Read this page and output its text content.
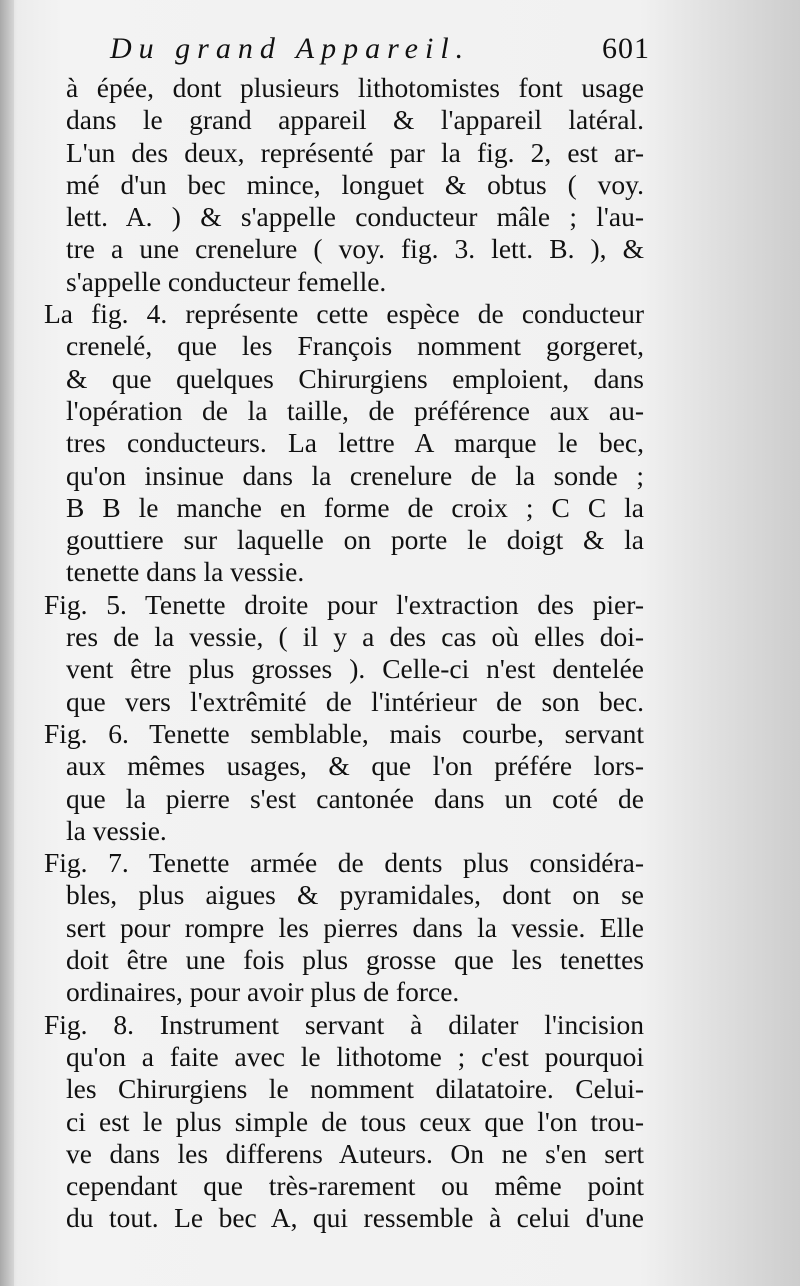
Du grand Appareil.	601
à épée, dont plusieurs lithotomistes font usage
dans le grand appareil & l'appareil latéral.
L'un des deux, représenté par la fig. 2, est ar-
mé d'un bec mince, longuet & obtus ( voy.
lett. A. ) & s'appelle conducteur mâle ; l'au-
tre a une crenelure ( voy. fig. 3. lett. B. ), &
s'appelle conducteur femelle.
La fig. 4. représente cette espèce de conducteur
crenelé, que les François nomment gorgeret,
& que quelques Chirurgiens emploient, dans
l'opération de la taille, de préférence aux au-
tres conducteurs. La lettre A marque le bec,
qu'on insinue dans la crenelure de la sonde ;
B B le manche en forme de croix ; C C la
gouttiere sur laquelle on porte le doigt & la
tenette dans la vessie.
Fig. 5. Tenette droite pour l'extraction des pier-
res de la vessie, ( il y a des cas où elles doi-
vent être plus grosses ). Celle-ci n'est dentelée
que vers l'extrêmité de l'intérieur de son bec.
Fig. 6. Tenette semblable, mais courbe, servant
aux mêmes usages, & que l'on préfére lors-
que la pierre s'est cantonée dans un coté de
la vessie.
Fig. 7. Tenette armée de dents plus considéra-
bles, plus aigues & pyramidales, dont on se
sert pour rompre les pierres dans la vessie. Elle
doit être une fois plus grosse que les tenettes
ordinaires, pour avoir plus de force.
Fig. 8. Instrument servant à dilater l'incision
qu'on a faite avec le lithotome ; c'est pourquoi
les Chirurgiens le nomment dilatatoire. Celui-
ci est le plus simple de tous ceux que l'on trou-
ve dans les differens Auteurs. On ne s'en sert
cependant que très-rarement ou même point
du tout. Le bec A, qui ressemble à celui d'une
